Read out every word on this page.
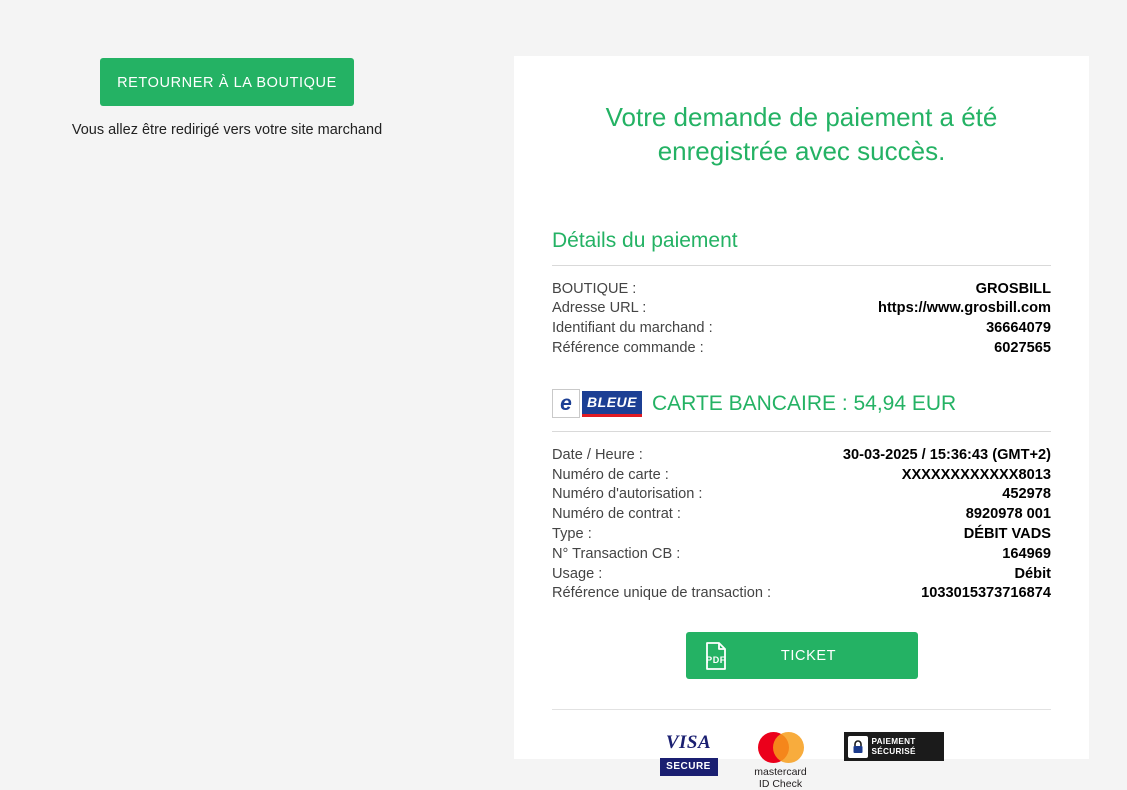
RETOURNER À LA BOUTIQUE
Vous allez être redirigé vers votre site marchand	Votre demande de paiement a été enregistrée avec succès.
Détails du paiement
BOUTIQUE :	GROSBILL
Adresse URL :	https://www.grosbill.com
Identifiant du marchand :	36664079
Référence commande :	6027565
e	BLEUE CARTE BANCAIRE : 54,94 EUR
Date / Heure :	30-03-2025 / 15:36:43 (GMT+2)
Numéro de carte :	XXXXXXXXXXXX8013
Numéro d'autorisation :	452978
Numéro de contrat :	8920978 001
Type :	DÉBIT VADS
N° Transaction CB :	164969
Usage :	Débit
Référence unique de transaction :	1033015373716874
PDF	TICKET
VISA
SECURE	mastercard
ID Check
PAIEMENT
SÉCURISÉ
